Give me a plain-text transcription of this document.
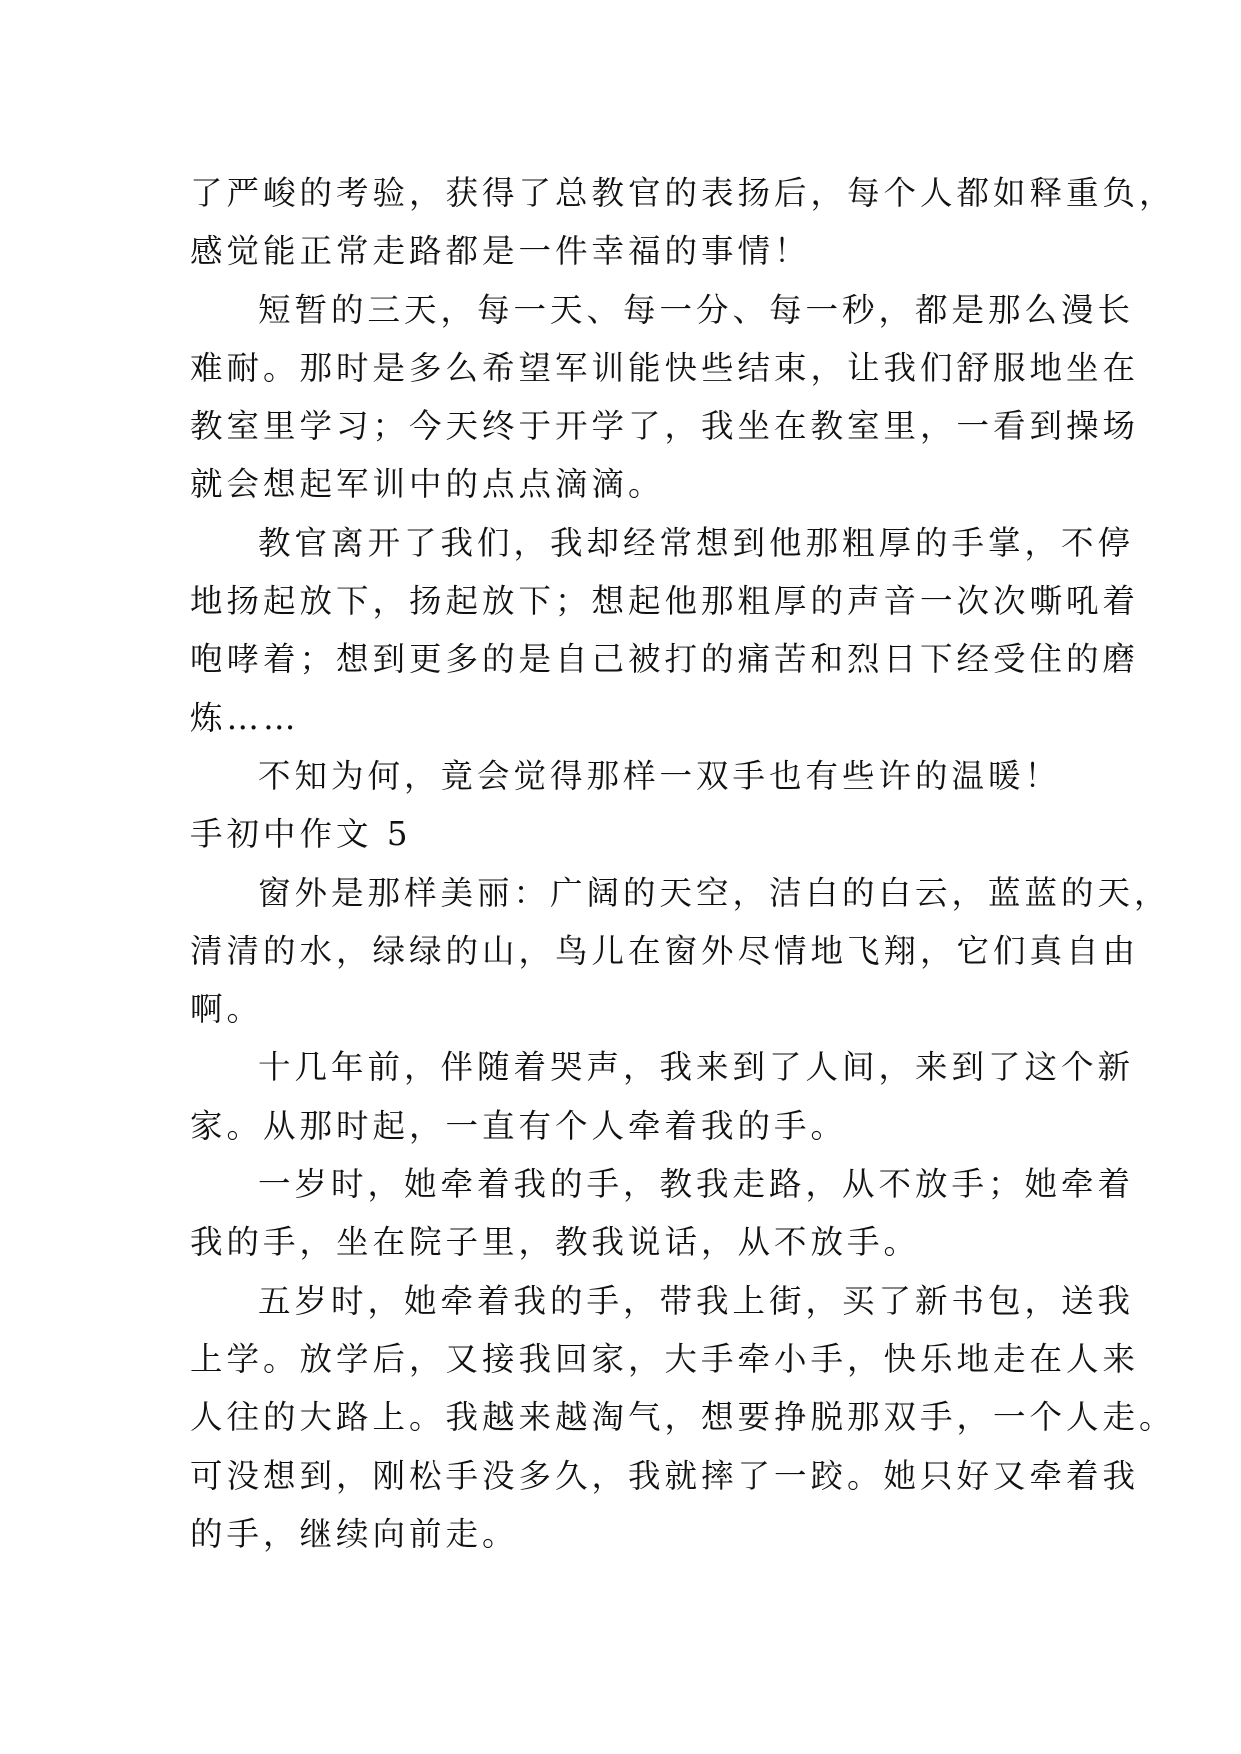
了严峻的考验，获得了总教官的表扬后，每个人都如释重负，
感觉能正常走路都是一件幸福的事情！
短暂的三天，每一天、每一分、每一秒，都是那么漫长
难耐。那时是多么希望军训能快些结束，让我们舒服地坐在
教室里学习；今天终于开学了，我坐在教室里，一看到操场
就会想起军训中的点点滴滴。
教官离开了我们，我却经常想到他那粗厚的手掌，不停
地扬起放下，扬起放下；想起他那粗厚的声音一次次嘶吼着
咆哮着；想到更多的是自己被打的痛苦和烈日下经受住的磨
炼……
不知为何，竟会觉得那样一双手也有些许的温暖！
手初中作文 5
窗外是那样美丽：广阔的天空，洁白的白云，蓝蓝的天，
清清的水，绿绿的山，鸟儿在窗外尽情地飞翔，它们真自由
啊。
十几年前，伴随着哭声，我来到了人间，来到了这个新
家。从那时起，一直有个人牵着我的手。
一岁时，她牵着我的手，教我走路，从不放手；她牵着
我的手，坐在院子里，教我说话，从不放手。
五岁时，她牵着我的手，带我上街，买了新书包，送我
上学。放学后，又接我回家，大手牵小手，快乐地走在人来
人往的大路上。我越来越淘气，想要挣脱那双手，一个人走。
可没想到，刚松手没多久，我就摔了一跤。她只好又牵着我
的手，继续向前走。
